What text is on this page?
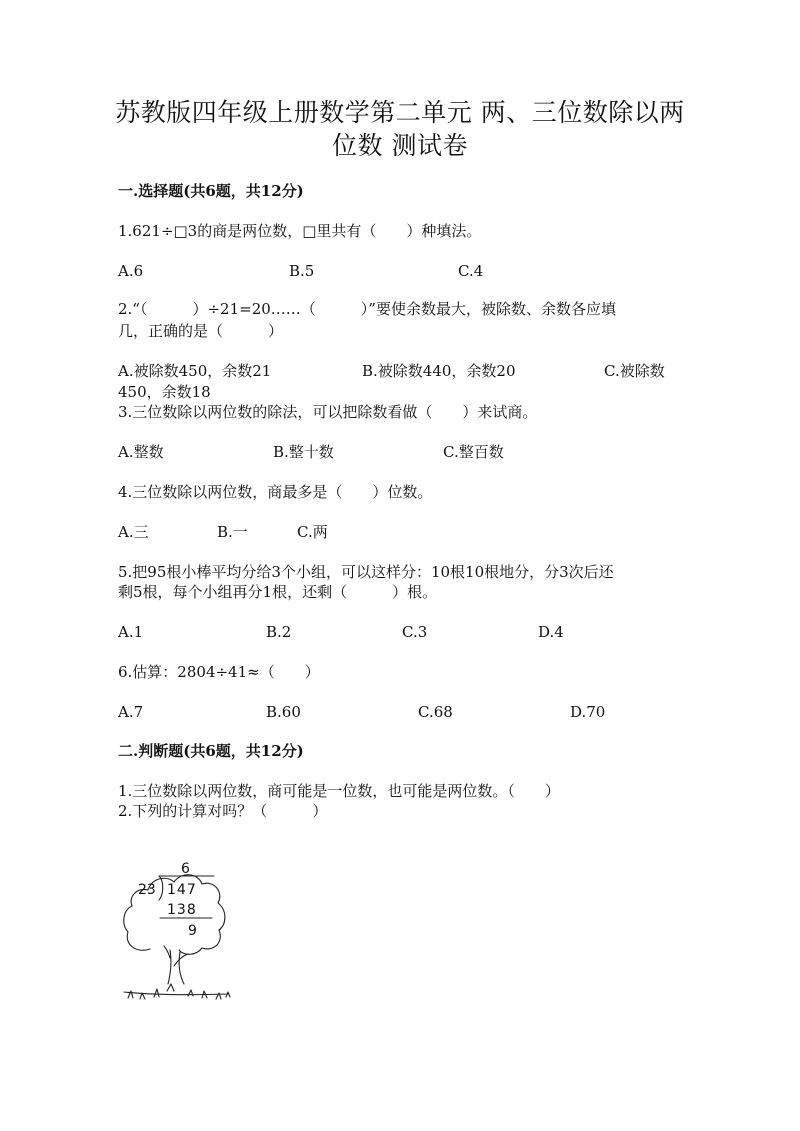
苏教版四年级上册数学第二单元 两、三位数除以两
位数 测试卷
一.选择题(共6题，共12分)
1.621÷□3的商是两位数，□里共有（　　）种填法。
A.6	B.5	C.4
2.“（　　　）÷21=20……（　　　）”要使余数最大，被除数、余数各应填
几，正确的是（　　　）
A.被除数450，余数21	B.被除数440，余数20	C.被除数
450，余数18
3.三位数除以两位数的除法，可以把除数看做（　　）来试商。
A.整数	B.整十数	C.整百数
4.三位数除以两位数，商最多是（　　）位数。
A.三	B.一	C.两
5.把95根小棒平均分给3个小组，可以这样分：10根10根地分，分3次后还
剩5根，每个小组再分1根，还剩（　　　）根。
A.1	B.2	C.3	D.4
6.估算：2804÷41≈（　　）
A.7	B.60	C.68	D.70
二.判断题(共6题，共12分)
1.三位数除以两位数，商可能是一位数，也可能是两位数。（　　）
2.下列的计算对吗？（　　　）
6
23 147
138
9
